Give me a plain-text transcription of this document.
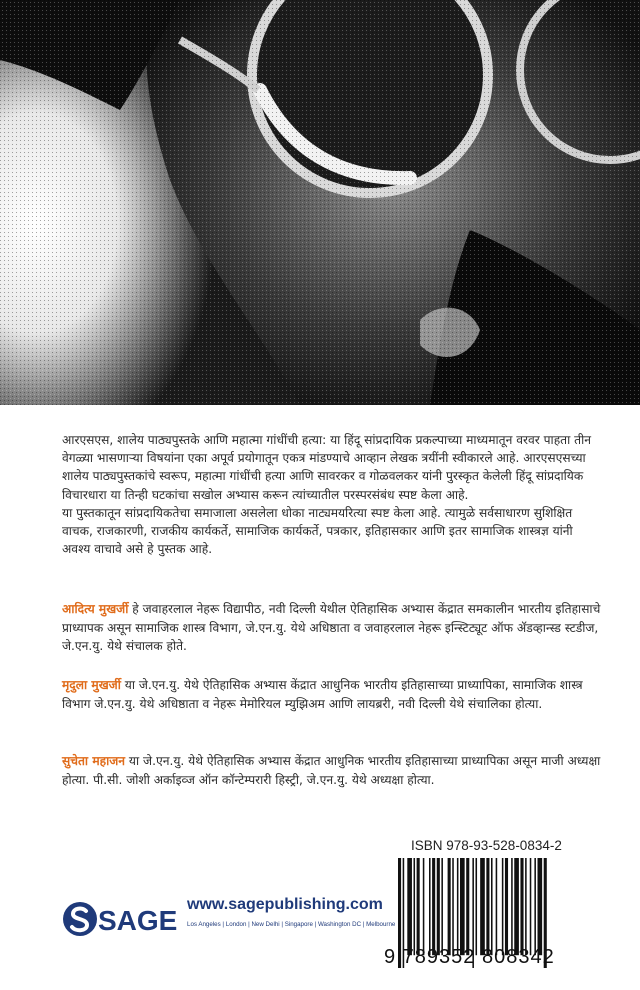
आरएसएस, शालेय पाठ्यपुस्तके आणि महात्मा गांधींची हत्या: या हिंदू सांप्रदायिक प्रकल्पाच्या माध्यमातून वरवर पाहता तीन वेगळ्या भासणाऱ्या विषयांना एका अपूर्व प्रयोगातून एकत्र मांडण्याचे आव्हान लेखक त्रयींनी स्वीकारले आहे. आरएसएसच्या शालेय पाठ्यपुस्तकांचे स्वरूप, महात्मा गांधींची हत्या आणि सावरकर व गोळवलकर यांनी पुरस्कृत केलेली हिंदू सांप्रदायिक विचारधारा या तिन्ही घटकांचा सखोल अभ्यास करून त्यांच्यातील परस्परसंबंध स्पष्ट केला आहे.

या पुस्तकातून सांप्रदायिकतेचा समाजाला असलेला धोका नाट्यमयरित्या स्पष्ट केला आहे. त्यामुळे सर्वसाधारण सुशिक्षित वाचक, राजकारणी, राजकीय कार्यकर्ते, सामाजिक कार्यकर्ते, पत्रकार, इतिहासकार आणि इतर सामाजिक शास्त्रज्ञ यांनी अवश्य वाचावे असे हे पुस्तक आहे.

आदित्य मुखर्जी हे जवाहरलाल नेहरू विद्यापीठ, नवी दिल्ली येथील ऐतिहासिक अभ्यास केंद्रात समकालीन भारतीय इतिहासाचे प्राध्यापक असून सामाजिक शास्त्र विभाग, जे.एन.यु. येथे अधिष्ठाता व जवाहरलाल नेहरू इन्स्टिट्यूट ऑफ ॲडव्हान्स्ड स्टडीज, जे.एन.यु. येथे संचालक होते.

मृदुला मुखर्जी या जे.एन.यु. येथे ऐतिहासिक अभ्यास केंद्रात आधुनिक भारतीय इतिहासाच्या प्राध्यापिका, सामाजिक शास्त्र विभाग जे.एन.यु. येथे अधिष्ठाता व नेहरू मेमोरियल म्युझिअम आणि लायब्ररी, नवी दिल्ली येथे संचालिका होत्या.

सुचेता महाजन या जे.एन.यु. येथे ऐतिहासिक अभ्यास केंद्रात आधुनिक भारतीय इतिहासाच्या प्राध्यापिका असून माजी अध्यक्षा होत्या. पी.सी. जोशी अर्काइव्ज ऑन कॉन्टेम्परारी हिस्ट्री, जे.एन.यु. येथे अध्यक्षा होत्या.

SAGE
www.sagepublishing.com
Los Angeles | London | New Delhi | Singapore | Washington DC | Melbourne
ISBN 978-93-528-0834-2
9 789352 808342
